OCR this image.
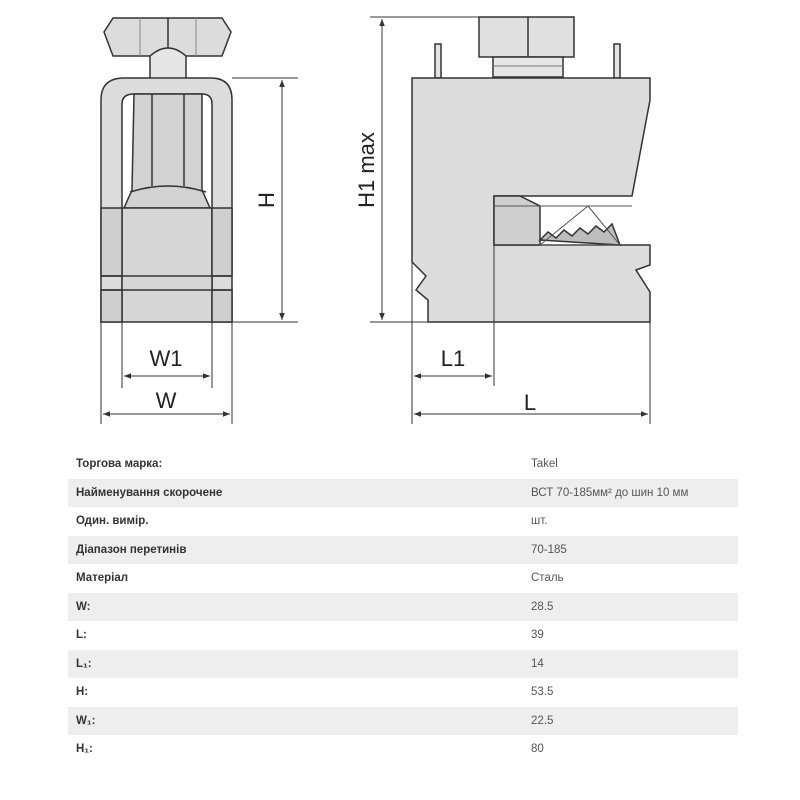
H
W1
W
H1 max
L1
L
Торгова марка:	Takel
Найменування скорочене	ВСТ 70-185мм² до шин 10 мм
Один. вимір.	шт.
Діапазон перетинів	70-185
Матеріал	Сталь
W:	28.5
L:	39
L₁:	14
H:	53.5
W₁:	22.5
H₁:	80
